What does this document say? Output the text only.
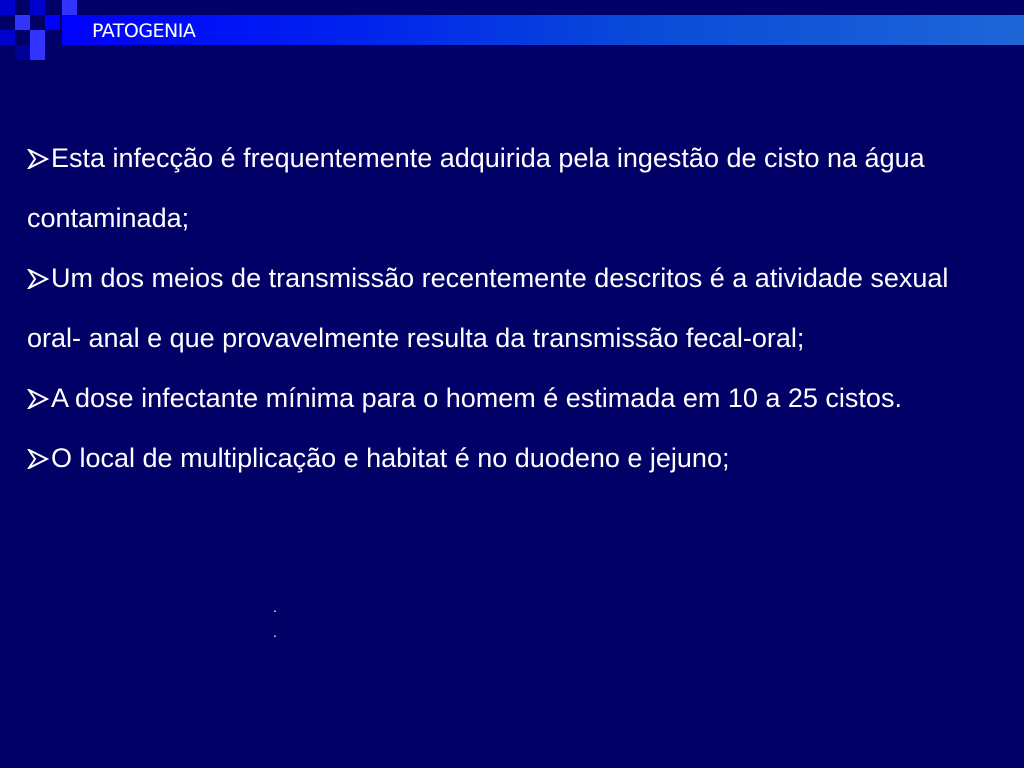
PATOGENIA

Esta infecção é frequentemente adquirida pela ingestão de cisto na água contaminada;

Um dos meios de transmissão recentemente descritos é a atividade sexual oral- anal e que provavelmente resulta da transmissão fecal-oral;

A dose infectante mínima para o homem é estimada em 10 a 25 cistos.

O local de multiplicação e habitat é no duodeno e jejuno;

.
.
